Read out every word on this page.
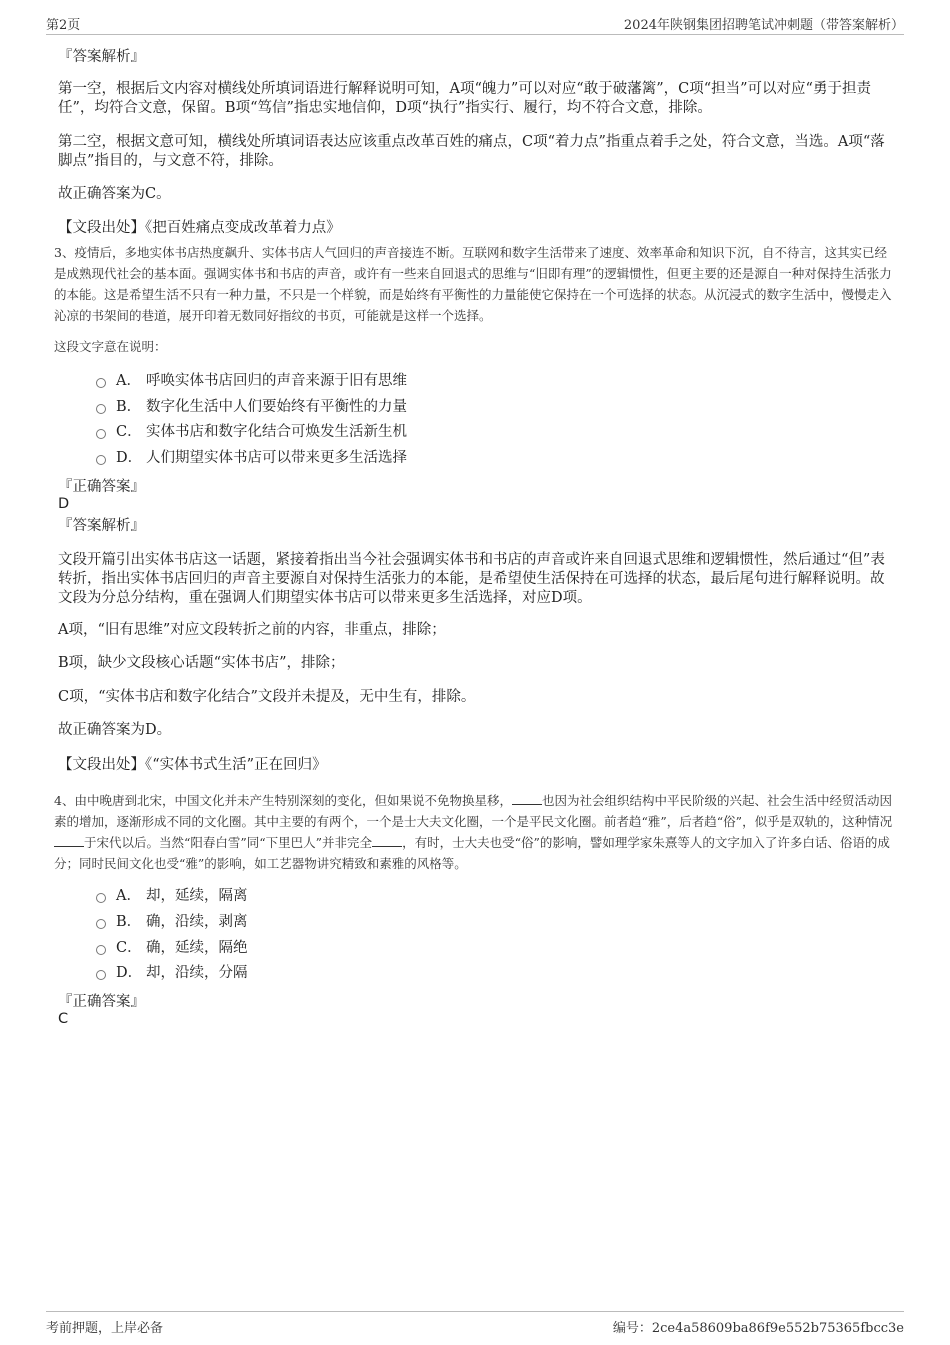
第2页	2024年陕钢集团招聘笔试冲刺题（带答案解析）

『答案解析』

第一空，根据后文内容对横线处所填词语进行解释说明可知，A项“魄力”可以对应“敢于破藩篱”，C项“担当”可以对应“勇于担责任”，均符合文意，保留。B项“笃信”指忠实地信仰，D项“执行”指实行、履行，均不符合文意，排除。

第二空，根据文意可知，横线处所填词语表达应该重点改革百姓的痛点，C项“着力点”指重点着手之处，符合文意，当选。A项“落脚点”指目的，与文意不符，排除。

故正确答案为C。

【文段出处】《把百姓痛点变成改革着力点》

3、疫情后，多地实体书店热度飙升、实体书店人气回归的声音接连不断。互联网和数字生活带来了速度、效率革命和知识下沉，自不待言，这其实已经是成熟现代社会的基本面。强调实体书和书店的声音，或许有一些来自回退式的思维与“旧即有理”的逻辑惯性，但更主要的还是源自一种对保持生活张力的本能。这是希望生活不只有一种力量，不只是一个样貌，而是始终有平衡性的力量能使它保持在一个可选择的状态。从沉浸式的数字生活中，慢慢走入沁凉的书架间的巷道，展开印着无数同好指纹的书页，可能就是这样一个选择。

这段文字意在说明：

A． 呼唤实体书店回归的声音来源于旧有思维
B． 数字化生活中人们要始终有平衡性的力量
C． 实体书店和数字化结合可焕发生活新生机
D． 人们期望实体书店可以带来更多生活选择

『正确答案』

D

『答案解析』

文段开篇引出实体书店这一话题，紧接着指出当今社会强调实体书和书店的声音或许来自回退式思维和逻辑惯性，然后通过“但”表转折，指出实体书店回归的声音主要源自对保持生活张力的本能，是希望使生活保持在可选择的状态，最后尾句进行解释说明。故文段为分总分结构，重在强调人们期望实体书店可以带来更多生活选择，对应D项。

A项，“旧有思维”对应文段转折之前的内容，非重点，排除；

B项，缺少文段核心话题“实体书店”，排除；

C项，“实体书店和数字化结合”文段并未提及，无中生有，排除。

故正确答案为D。

【文段出处】《“实体书式生活”正在回归》

4、由中晚唐到北宋，中国文化并未产生特别深刻的变化，但如果说不免物换星移， 也因为社会组织结构中平民阶级的兴起、社会生活中经贸活动因素的增加，逐渐形成不同的文化圈。其中主要的有两个，一个是士大夫文化圈，一个是平民文化圈。前者趋“雅”，后者趋“俗”，似乎是双轨的，这种情况于宋代以后。当然“阳春白雪”同“下里巴人”并非完全 ，有时，士大夫也受“俗”的影响，譬如理学家朱熹等人的文字加入了许多白话、俗语的成分；同时民间文化也受“雅”的影响，如工艺器物讲究精致和素雅的风格等。

A． 却，延续，隔离
B． 确，沿续，剥离
C． 确，延续，隔绝
D． 却，沿续，分隔

『正确答案』

C
考前押题，上岸必备	编号：2ce4a58609ba86f9e552b75365fbcc3e
